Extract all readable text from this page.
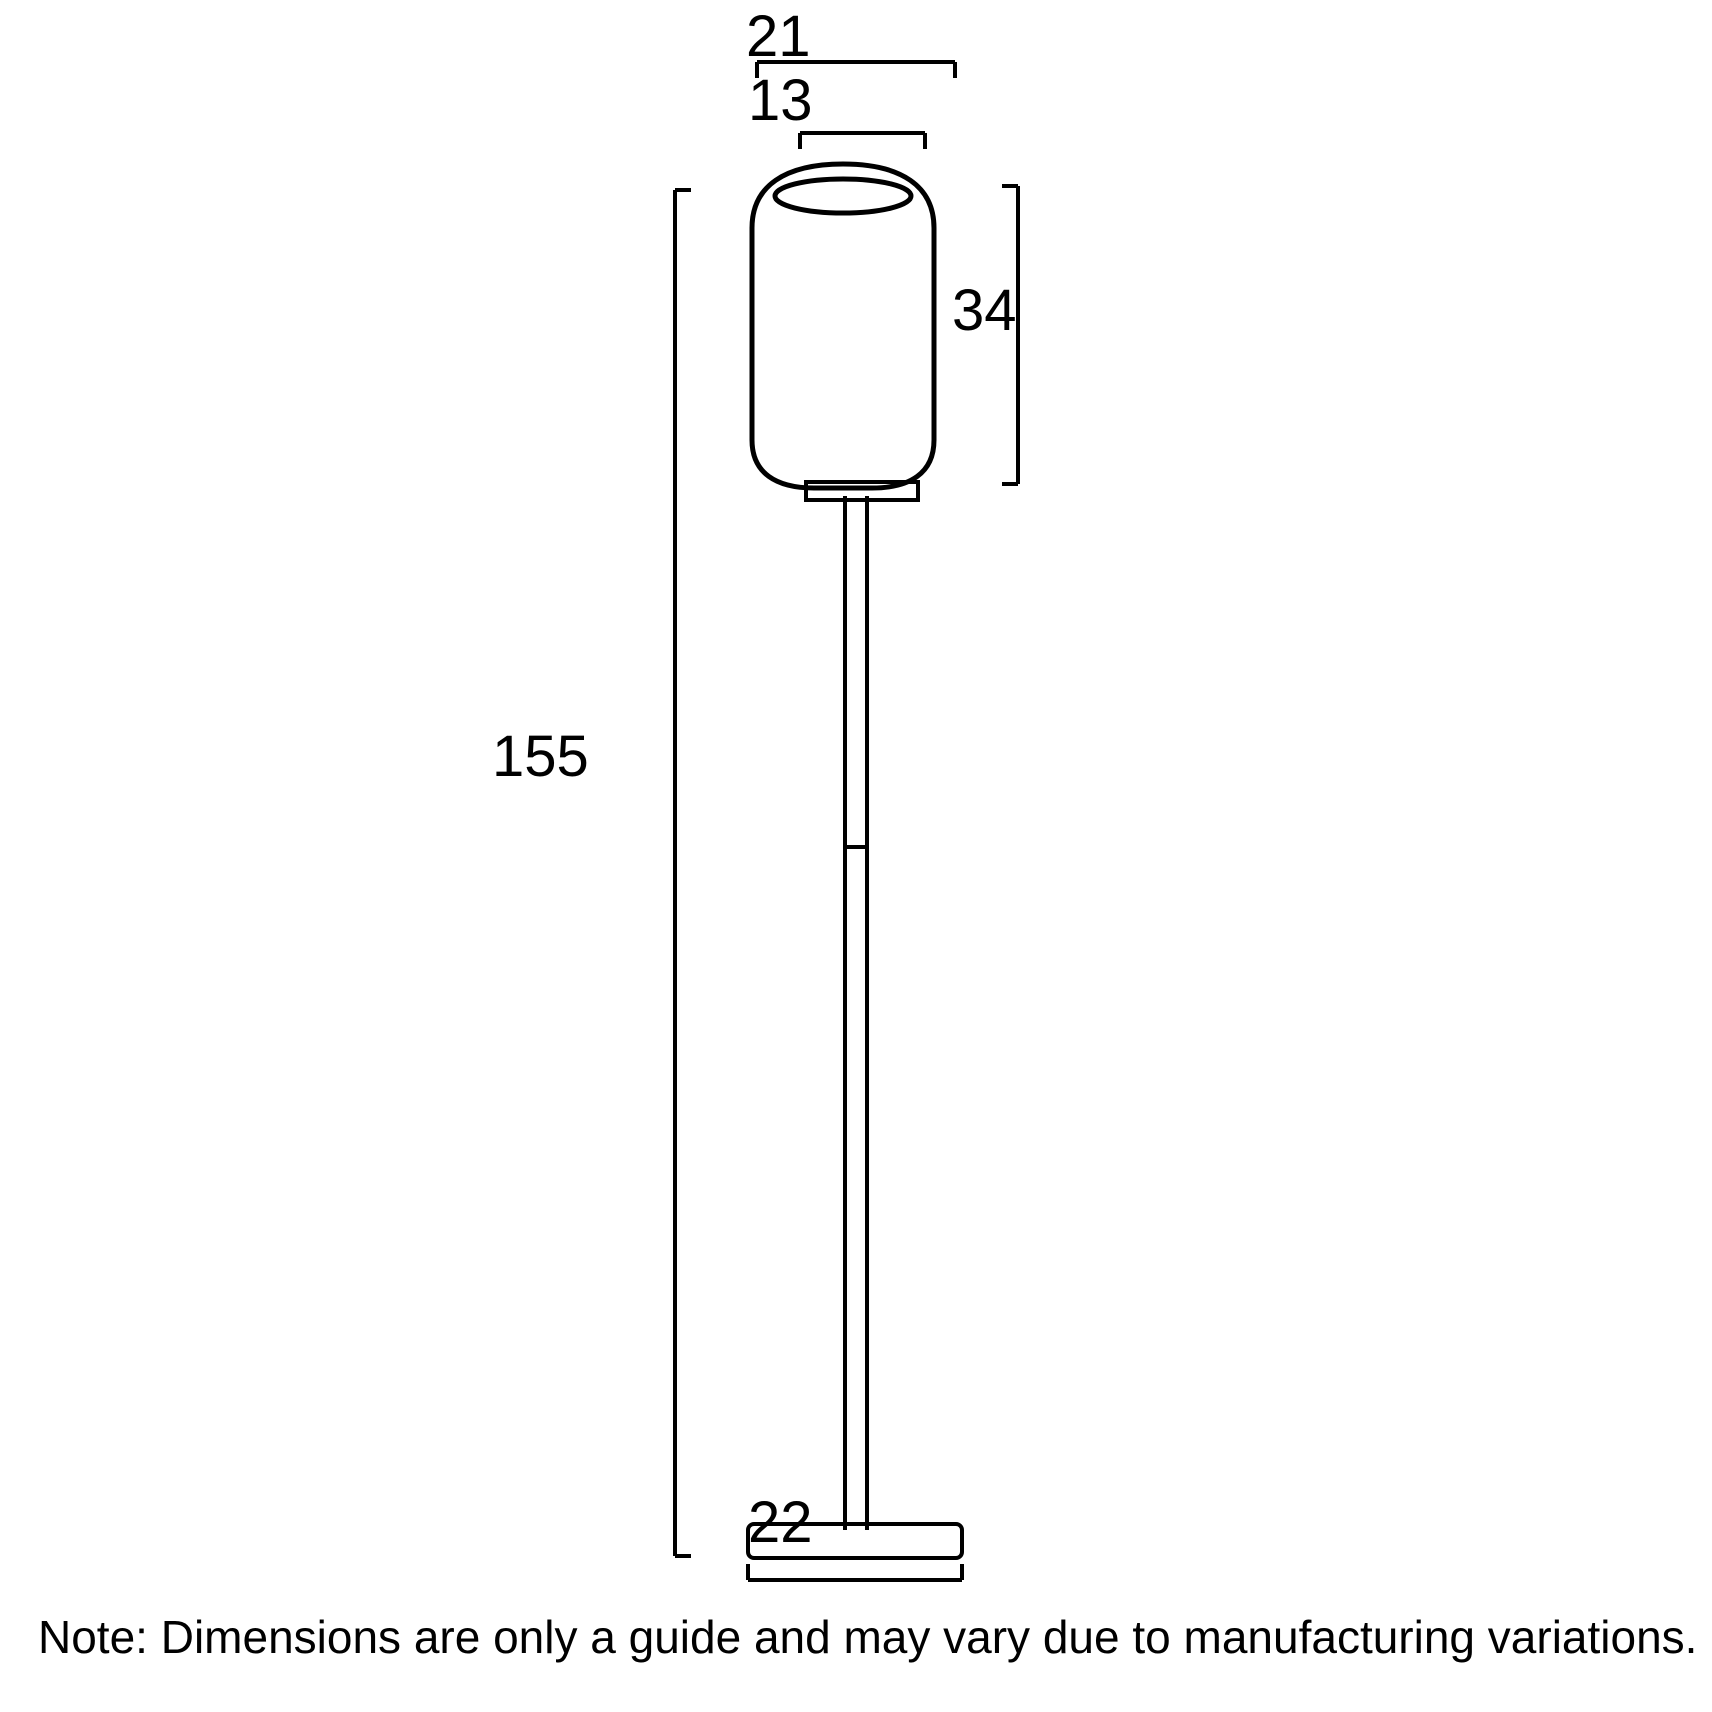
21
13
34
155
22
Note: Dimensions are only a guide and may vary due to manufacturing variations.
